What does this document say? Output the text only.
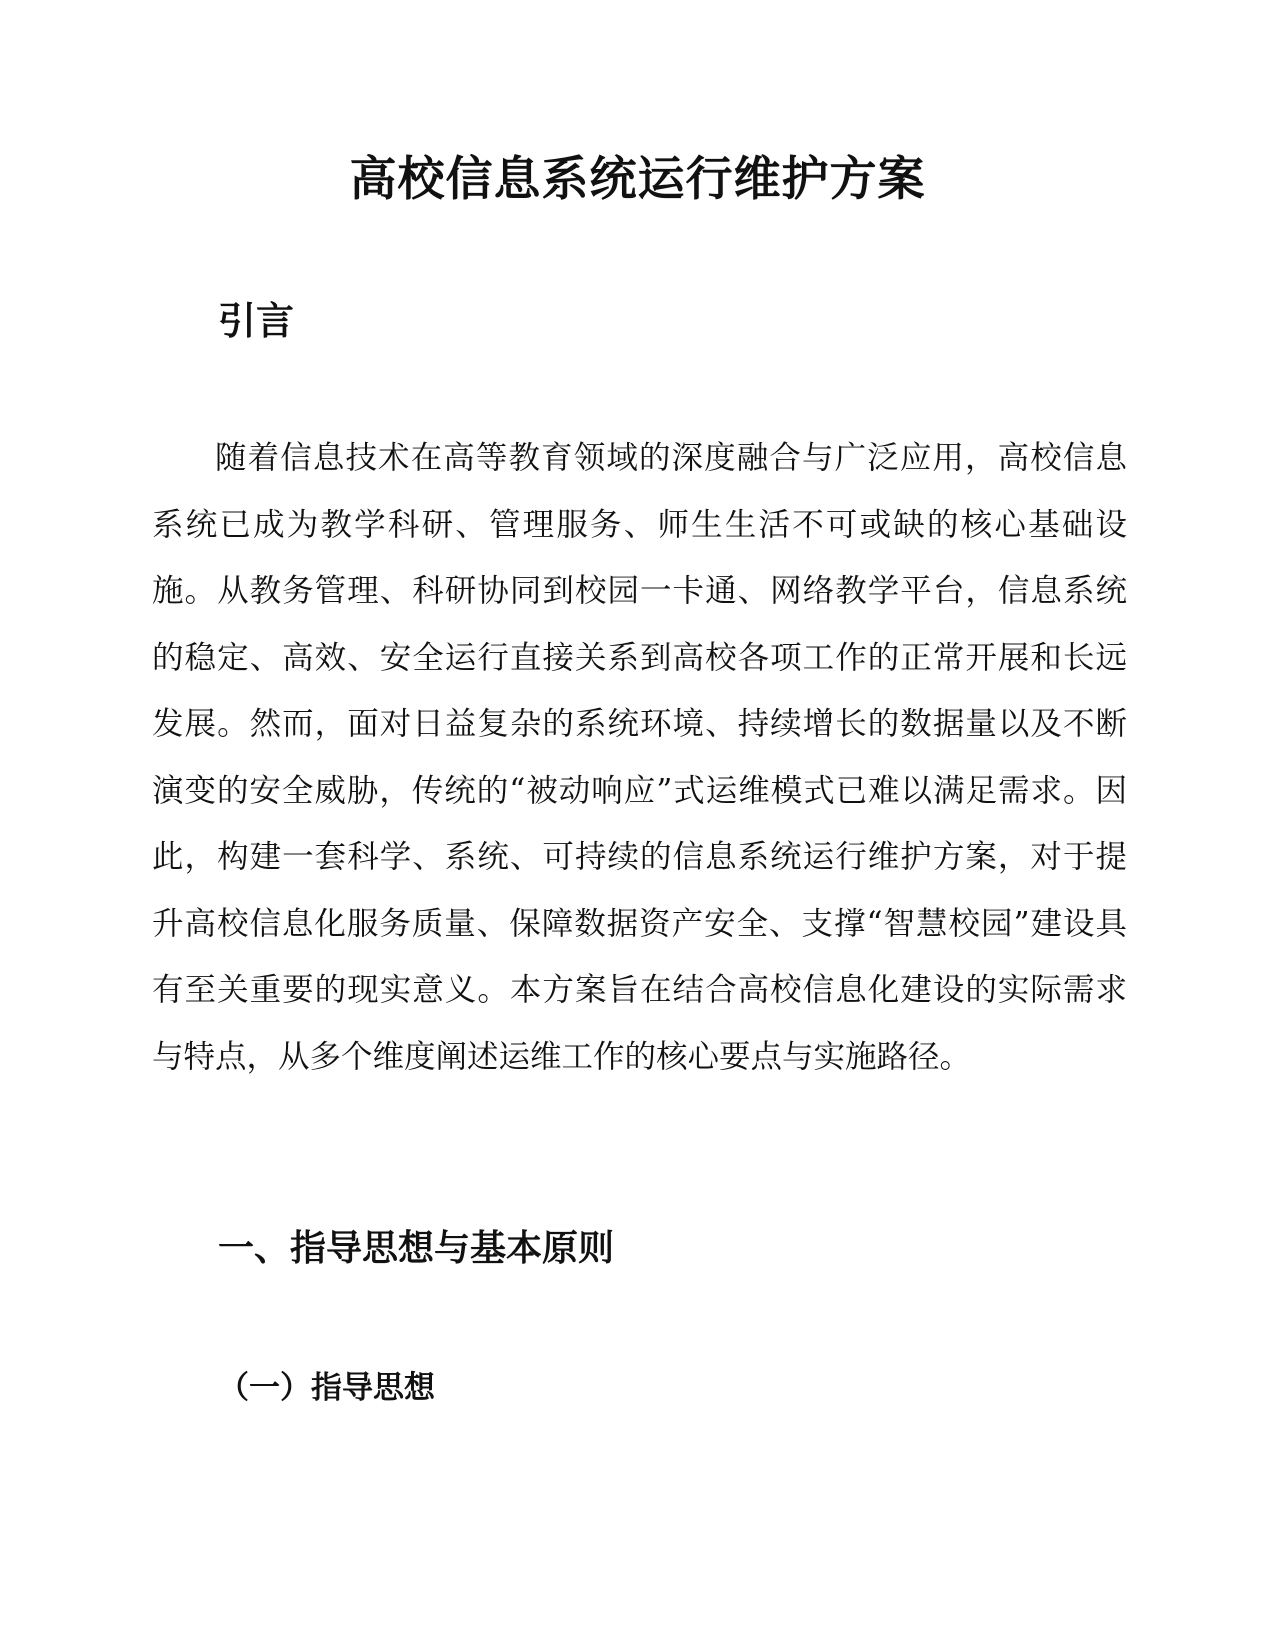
高校信息系统运行维护方案
引言

随着信息技术在高等教育领域的深度融合与广泛应用，高校信息系统已成为教学科研、管理服务、师生生活不可或缺的核心基础设施。从教务管理、科研协同到校园一卡通、网络教学平台，信息系统的稳定、高效、安全运行直接关系到高校各项工作的正常开展和长远发展。然而，面对日益复杂的系统环境、持续增长的数据量以及不断演变的安全威胁，传统的“被动响应”式运维模式已难以满足需求。因此，构建一套科学、系统、可持续的信息系统运行维护方案，对于提升高校信息化服务质量、保障数据资产安全、支撑“智慧校园”建设具有至关重要的现实意义。本方案旨在结合高校信息化建设的实际需求与特点，从多个维度阐述运维工作的核心要点与实施路径。

一、指导思想与基本原则
（一）指导思想
